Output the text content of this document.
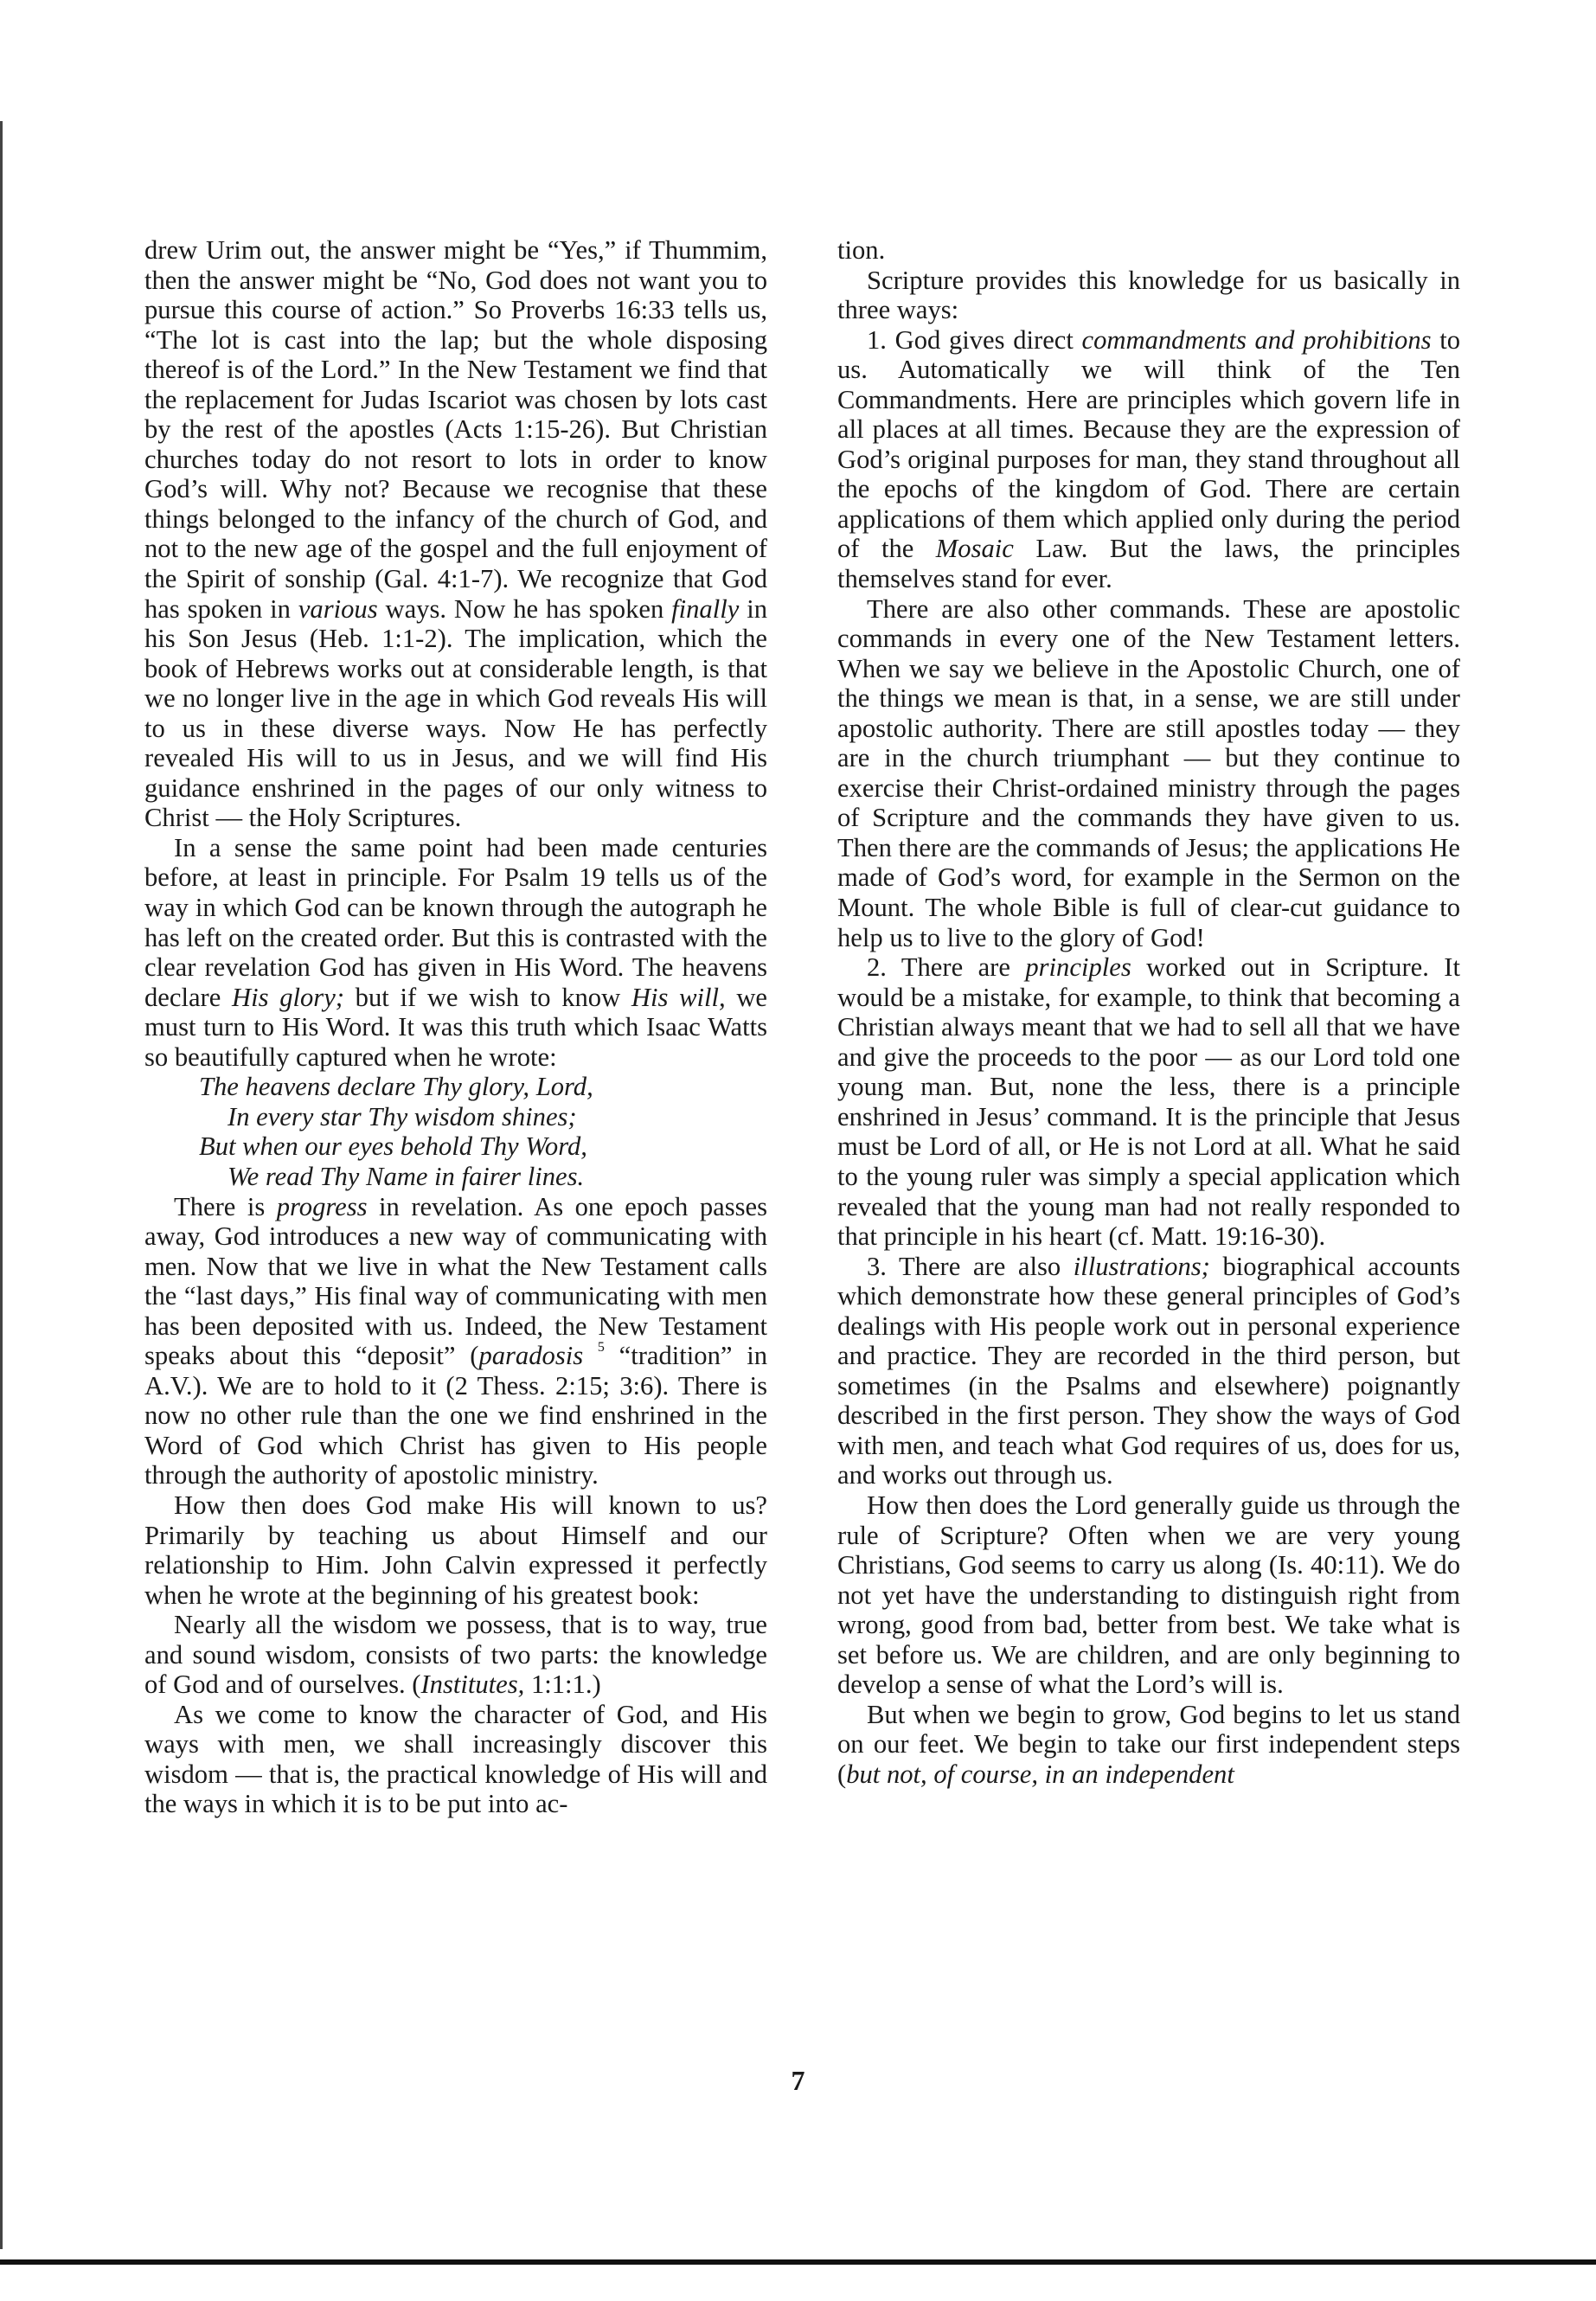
drew Urim out, the answer might be “Yes,” if Thummim, then the answer might be “No, God does not want you to pursue this course of action.” So Proverbs 16:33 tells us, “The lot is cast into the lap; but the whole disposing thereof is of the Lord.” In the New Testament we find that the replacement for Judas Iscariot was chosen by lots cast by the rest of the apostles (Acts 1:15-26). But Christian churches today do not resort to lots in order to know God’s will. Why not? Because we recognise that these things belonged to the infancy of the church of God, and not to the new age of the gospel and the full enjoyment of the Spirit of sonship (Gal. 4:1-7). We recognize that God has spoken in various ways. Now he has spoken finally in his Son Jesus (Heb. 1:1-2). The implication, which the book of Hebrews works out at considerable length, is that we no longer live in the age in which God reveals His will to us in these diverse ways. Now He has perfectly revealed His will to us in Jesus, and we will find His guidance enshrined in the pages of our only witness to Christ — the Holy Scriptures.

In a sense the same point had been made centuries before, at least in principle. For Psalm 19 tells us of the way in which God can be known through the autograph he has left on the created order. But this is contrasted with the clear revelation God has given in His Word. The heavens declare His glory; but if we wish to know His will, we must turn to His Word. It was this truth which Isaac Watts so beautifully captured when he wrote:

The heavens declare Thy glory, Lord,
In every star Thy wisdom shines;
But when our eyes behold Thy Word,
We read Thy Name in fairer lines.

There is progress in revelation. As one epoch passes away, God introduces a new way of communicating with men. Now that we live in what the New Testament calls the “last days,” His final way of communicating with men has been deposited with us. Indeed, the New Testament speaks about this “deposit” (paradosis $^5$ “tradition” in A.V.). We are to hold to it (2 Thess. 2:15; 3:6). There is now no other rule than the one we find enshrined in the Word of God which Christ has given to His people through the authority of apostolic ministry.

How then does God make His will known to us? Primarily by teaching us about Himself and our relationship to Him. John Calvin expressed it perfectly when he wrote at the beginning of his greatest book:

Nearly all the wisdom we possess, that is to way, true and sound wisdom, consists of two parts: the knowledge of God and of ourselves. (Institutes, 1:1:1.)

As we come to know the character of God, and His ways with men, we shall increasingly discover this wisdom — that is, the practical knowledge of His will and the ways in which it is to be put into ac-

tion.

Scripture provides this knowledge for us basically in three ways:

1. God gives direct commandments and prohibitions to us. Automatically we will think of the Ten Commandments. Here are principles which govern life in all places at all times. Because they are the expression of God’s original purposes for man, they stand throughout all the epochs of the kingdom of God. There are certain applications of them which applied only during the period of the Mosaic Law. But the laws, the principles themselves stand for ever.

There are also other commands. These are apostolic commands in every one of the New Testament letters. When we say we believe in the Apostolic Church, one of the things we mean is that, in a sense, we are still under apostolic authority. There are still apostles today — they are in the church triumphant — but they continue to exercise their Christ-ordained ministry through the pages of Scripture and the commands they have given to us. Then there are the commands of Jesus; the applications He made of God’s word, for example in the Sermon on the Mount. The whole Bible is full of clear-cut guidance to help us to live to the glory of God!

2. There are principles worked out in Scripture. It would be a mistake, for example, to think that becoming a Christian always meant that we had to sell all that we have and give the proceeds to the poor — as our Lord told one young man. But, none the less, there is a principle enshrined in Jesus’ command. It is the principle that Jesus must be Lord of all, or He is not Lord at all. What he said to the young ruler was simply a special application which revealed that the young man had not really responded to that principle in his heart (cf. Matt. 19:16-30).

3. There are also illustrations; biographical accounts which demonstrate how these general principles of God’s dealings with His people work out in personal experience and practice. They are recorded in the third person, but sometimes (in the Psalms and elsewhere) poignantly described in the first person. They show the ways of God with men, and teach what God requires of us, does for us, and works out through us.

How then does the Lord generally guide us through the rule of Scripture? Often when we are very young Christians, God seems to carry us along (Is. 40:11). We do not yet have the understanding to distinguish right from wrong, good from bad, better from best. We take what is set before us. We are children, and are only beginning to develop a sense of what the Lord’s will is.

But when we begin to grow, God begins to let us stand on our feet. We begin to take our first independent steps (but not, of course, in an independent

7
